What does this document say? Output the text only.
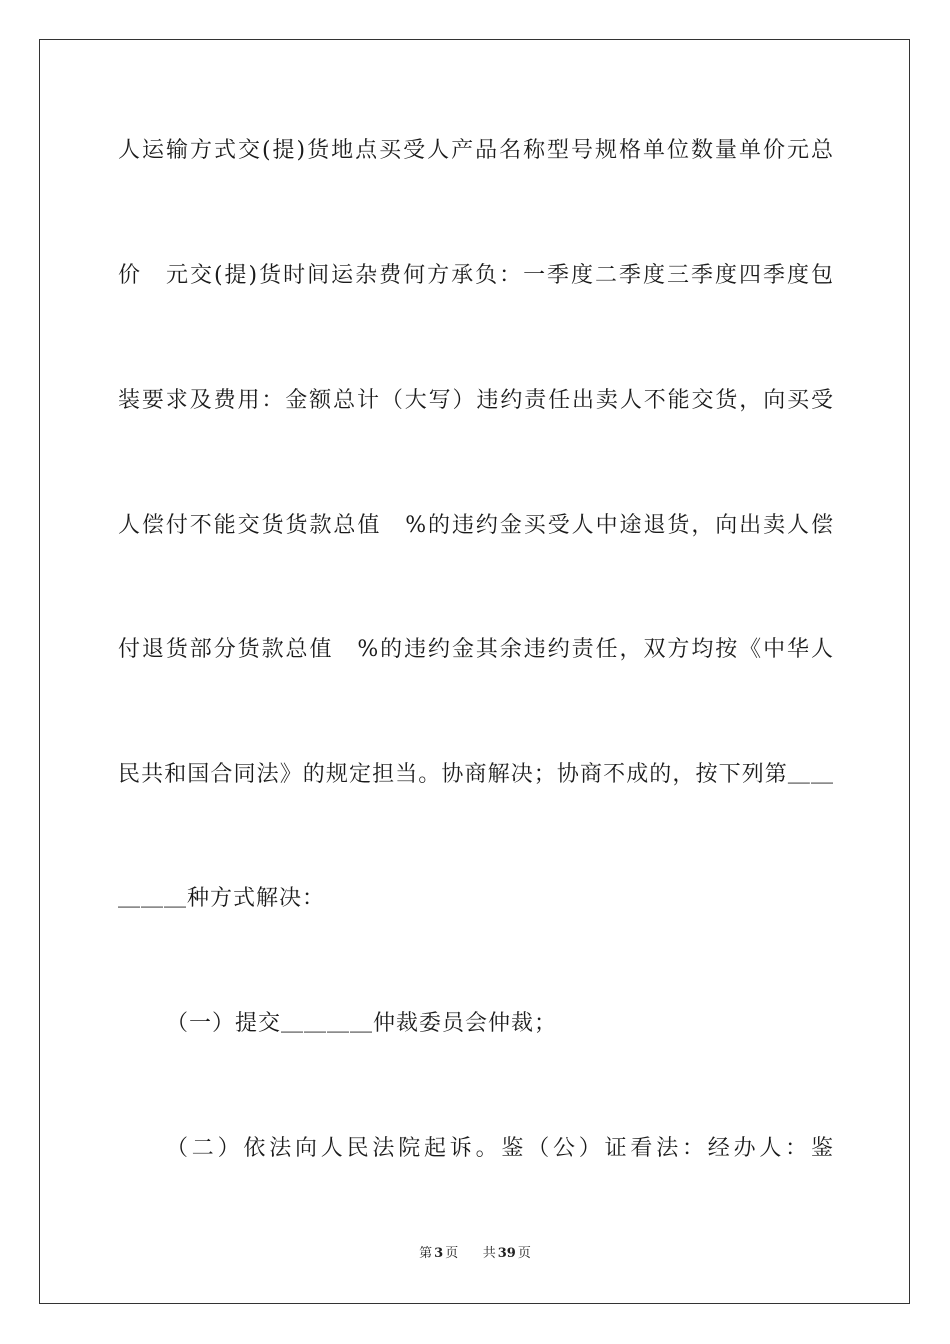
人运输方式交(提)货地点买受人产品名称型号规格单位数量单价元总
价　元交(提)货时间运杂费何方承负：一季度二季度三季度四季度包
装要求及费用：金额总计（大写）违约责任出卖人不能交货，向买受
人偿付不能交货货款总值　%的违约金买受人中途退货，向出卖人偿
付退货部分货款总值　%的违约金其余违约责任，双方均按《中华人
民共和国合同法》的规定担当。协商解决；协商不成的，按下列第＿＿
＿＿＿种方式解决：
（一）提交＿＿＿＿仲裁委员会仲裁；
（二）依法向人民法院起诉。鉴（公）证看法：经办人：鉴
第 3 页 共 39 页
